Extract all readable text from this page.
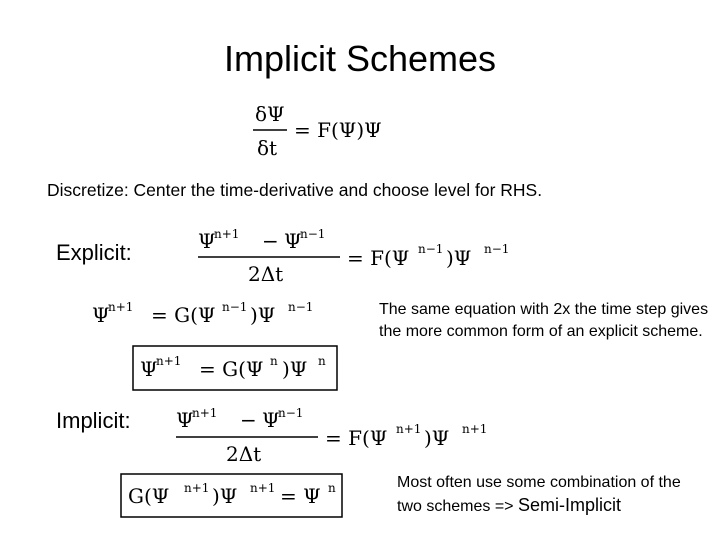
Implicit Schemes
δΨ
δt
= F(Ψ)Ψ
Ψ
n+1 − Ψ
n−1
2Δt
= F(Ψ n−1 )Ψ n−1
Ψ
n+1 = G(Ψ n−1 )Ψ n−1
Ψ
n+1 = G(Ψ n )Ψ n
Ψ
n+1 − Ψ
n−1
2Δt
= F(Ψ n+1 )Ψ n+1
G(Ψ n+1 )Ψ n+1 = Ψ n
Discretize: Center the time-derivative and choose level for RHS.
Explicit:
Implicit:
The same equation with 2x the time step gives the more common form of an explicit scheme.
Most often use some combination of the two schemes => Semi-Implicit
